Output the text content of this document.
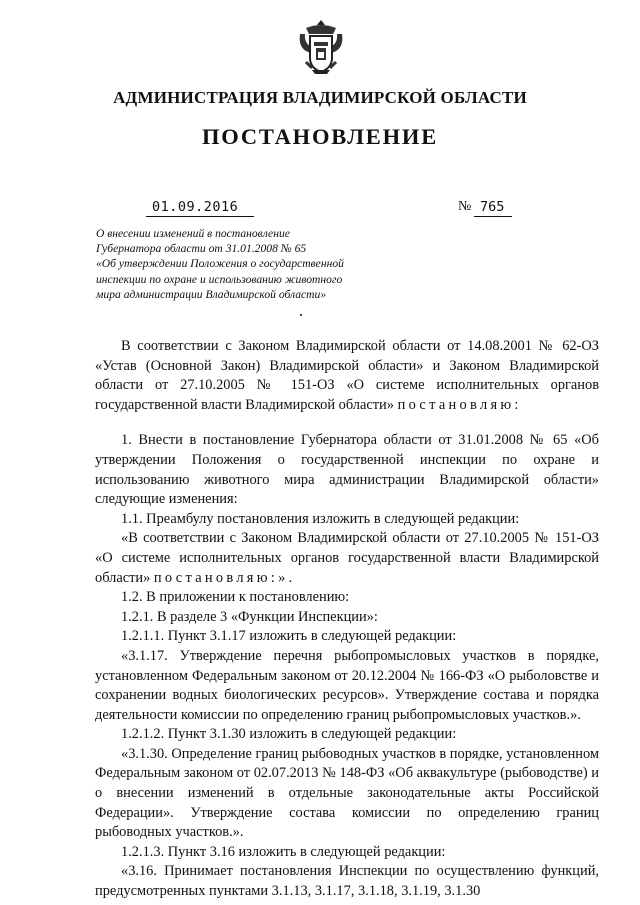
АДМИНИСТРАЦИЯ ВЛАДИМИРСКОЙ ОБЛАСТИ
ПОСТАНОВЛЕНИЕ
01.09.2016	№ 765
О внесении изменений в постановление
Губернатора области от 31.01.2008 № 65
«Об утверждении Положения о государственной
инспекции по охране и использованию животного
мира администрации Владимирской области»

В соответствии с Законом Владимирской области от 14.08.2001 № 62-ОЗ «Устав (Основной Закон) Владимирской области» и Законом Владимирской области от 27.10.2005 № 151-ОЗ «О системе исполнительных органов государственной власти Владимирской области» постановляю:

1. Внести в постановление Губернатора области от 31.01.2008 № 65 «Об утверждении Положения о государственной инспекции по охране и использованию животного мира администрации Владимирской области» следующие изменения:

1.1. Преамбулу постановления изложить в следующей редакции:

«В соответствии с Законом Владимирской области от 27.10.2005 № 151-ОЗ «О системе исполнительных органов государственной власти Владимирской области» постановляю:».

1.2. В приложении к постановлению:

1.2.1. В разделе 3 «Функции Инспекции»:

1.2.1.1. Пункт 3.1.17 изложить в следующей редакции:

«3.1.17. Утверждение перечня рыбопромысловых участков в порядке, установленном Федеральным законом от 20.12.2004 № 166-ФЗ «О рыболовстве и сохранении водных биологических ресурсов». Утверждение состава и порядка деятельности комиссии по определению границ рыбопромысловых участков.».

1.2.1.2. Пункт 3.1.30 изложить в следующей редакции:

«3.1.30. Определение границ рыбоводных участков в порядке, установленном Федеральным законом от 02.07.2013 № 148-ФЗ «Об аквакультуре (рыбоводстве) и о внесении изменений в отдельные законодательные акты Российской Федерации». Утверждение состава комиссии по определению границ рыбоводных участков.».

1.2.1.3. Пункт 3.16 изложить в следующей редакции:

«3.16. Принимает постановления Инспекции по осуществлению функций, предусмотренных пунктами 3.1.13, 3.1.17, 3.1.18, 3.1.19, 3.1.30
